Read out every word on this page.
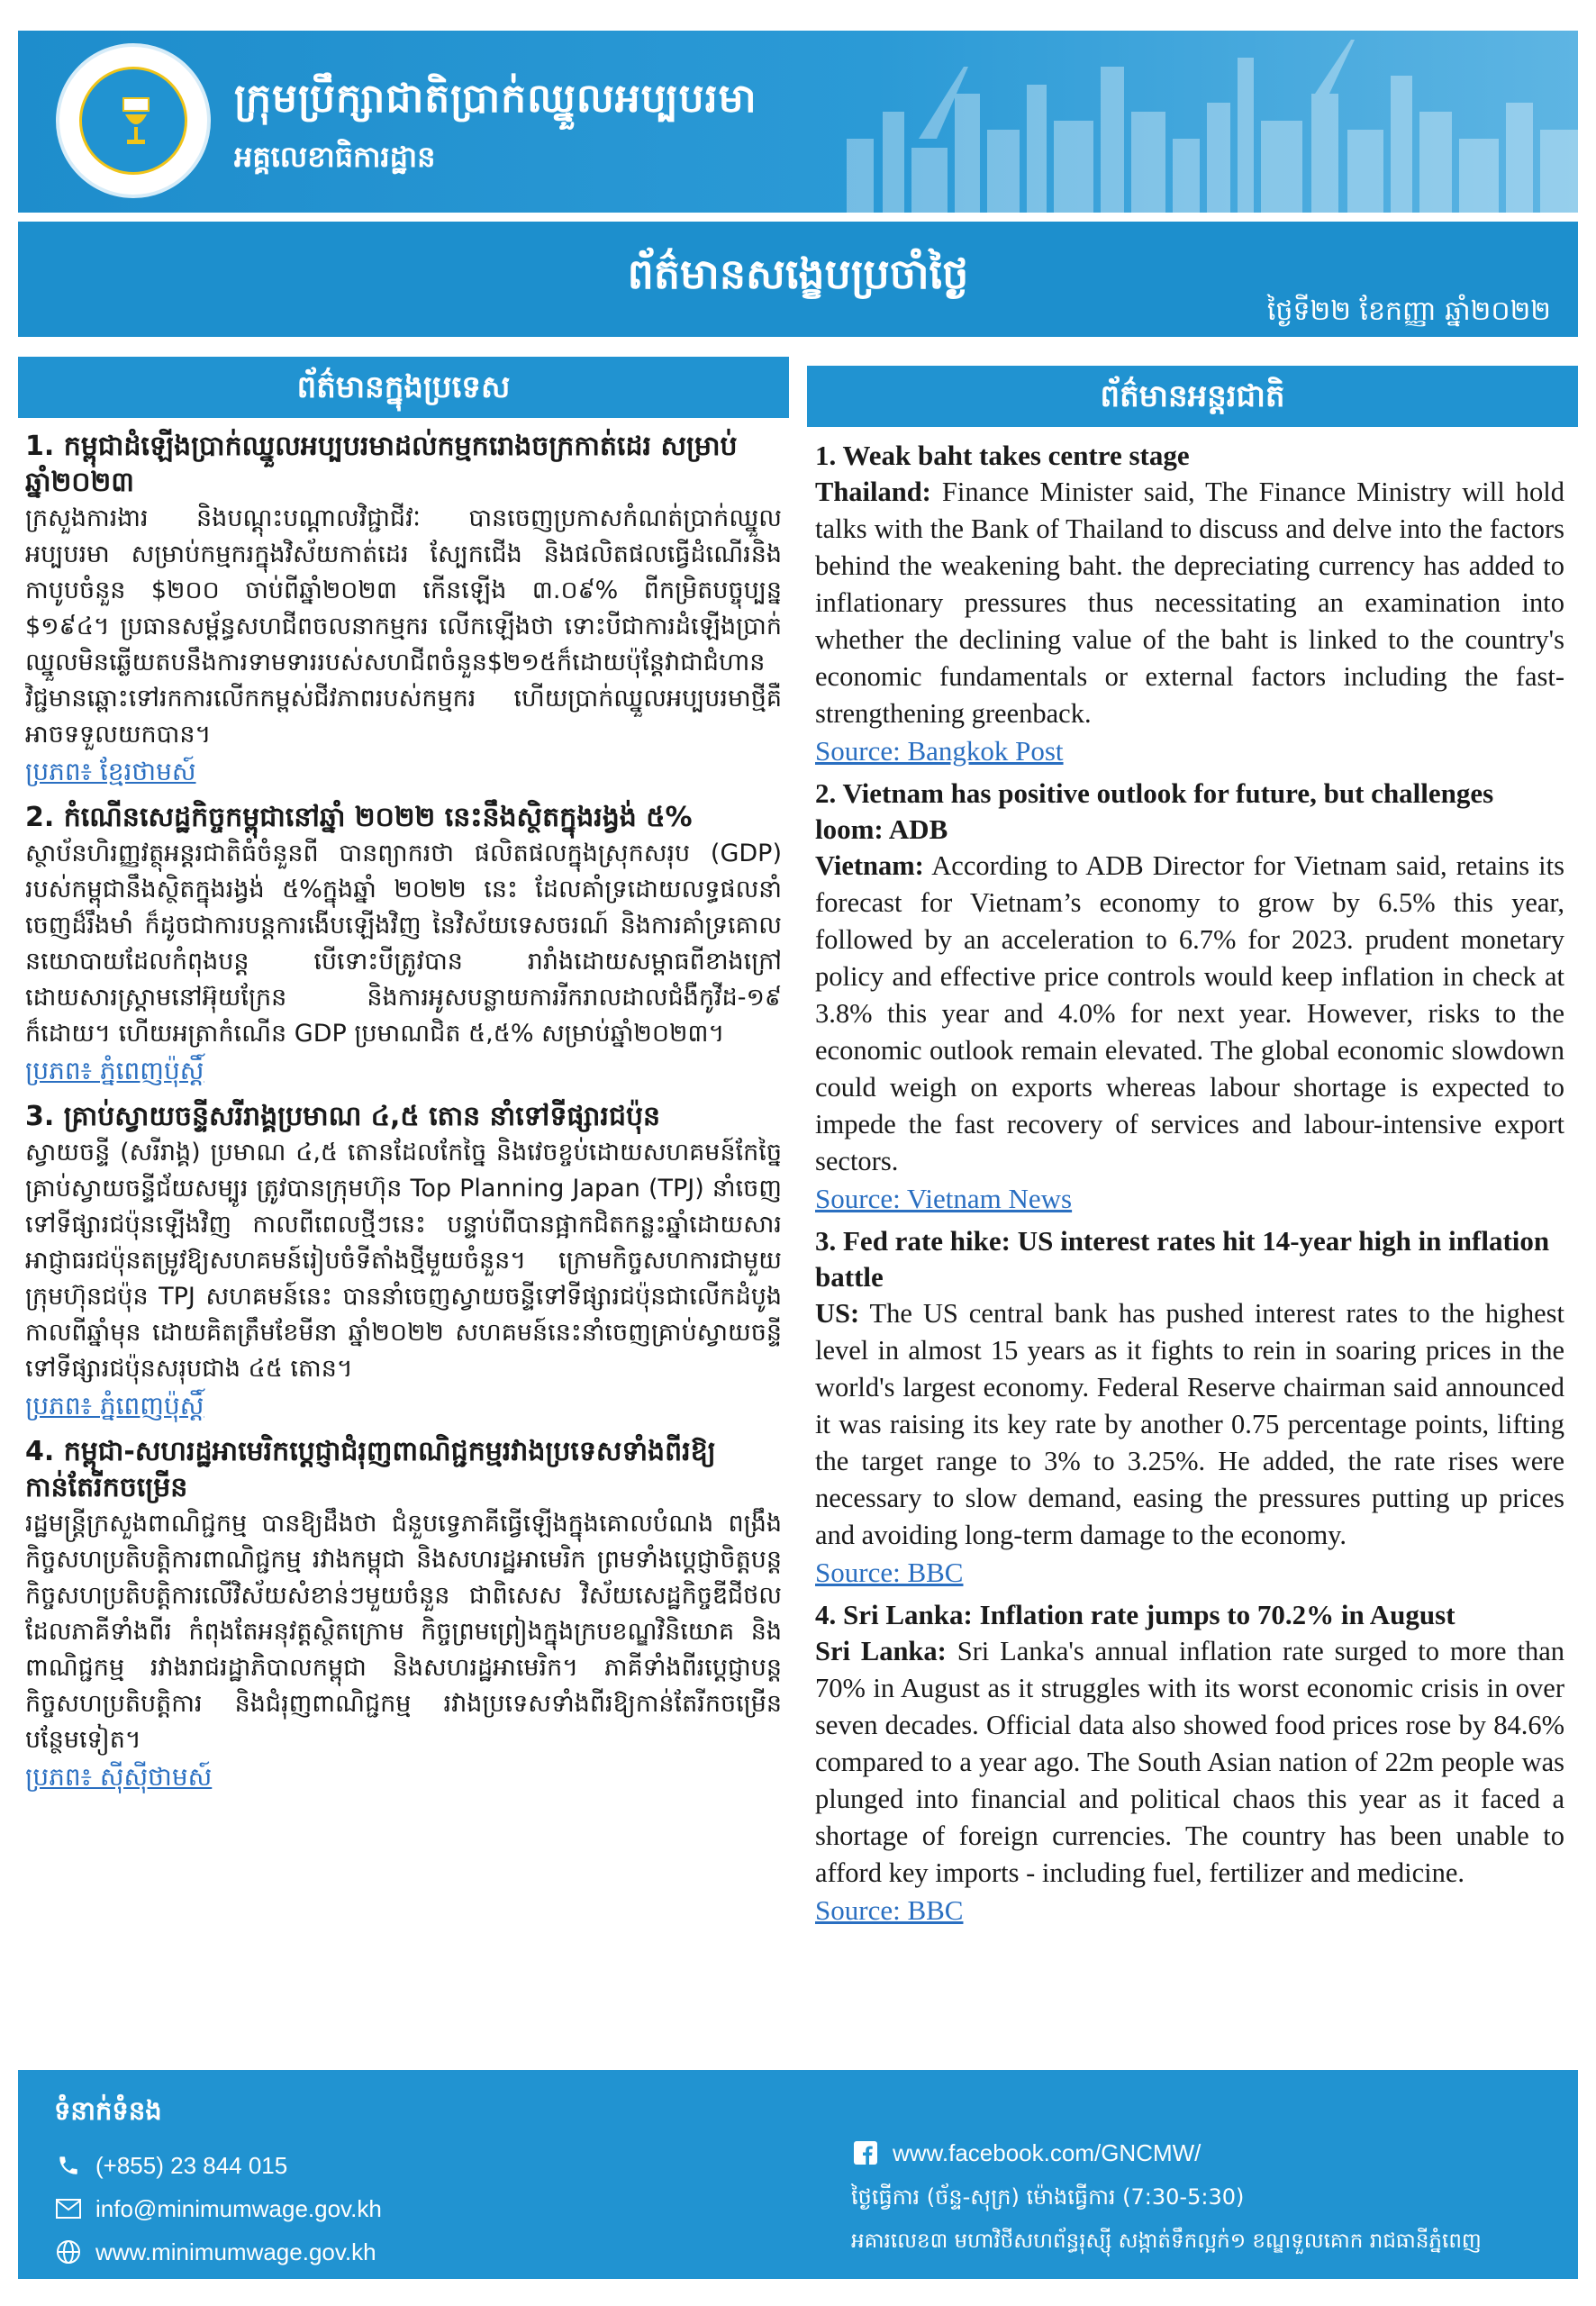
ក្រុមប្រឹក្សាជាតិប្រាក់ឈ្នួលអប្បបរមា
អគ្គលេខាធិការដ្ឋាន
ព័ត៌មានសង្ខេបប្រចាំថ្ងៃ
ថ្ងៃទី២២ ខែកញ្ញា ឆ្នាំ២០២២
ព័ត៌មានក្នុងប្រទេស	ព័ត៌មានអន្តរជាតិ
1. កម្ពុជាដំឡើងប្រាក់ឈ្នួលអប្បបរមាដល់កម្មករោងចក្រកាត់ដេរ សម្រាប់ឆ្នាំ២០២៣
ក្រសួងការងារ និងបណ្តុះបណ្តាលវិជ្ជាជីវៈ បានចេញប្រកាសកំណត់ប្រាក់ឈ្នួលអប្បបរមា សម្រាប់កម្មករក្នុងវិស័យកាត់ដេរ ស្បែកជើង និងផលិតផលធ្វើដំណើរនិងកាបូបចំនួន $២០០ ចាប់ពីឆ្នាំ២០២៣ កើនឡើង ៣.០៩% ពីកម្រិតបច្ចុប្បន្ន $១៩៤។ ប្រធានសម្ព័ន្ធសហជីពចលនាកម្មករ លើកឡើងថា ទោះបីជាការដំឡើងប្រាក់ឈ្នួលមិនឆ្លើយតបនឹងការទាមទាររបស់សហជីពចំនួន$២១៥ក៏ដោយប៉ុន្តែវាជាជំហានវិជ្ជមានឆ្ពោះទៅរកការលើកកម្ពស់ជីវភាពរបស់កម្មករ ហើយប្រាក់ឈ្នួលអប្បបរមាថ្មីគឺអាចទទួលយកបាន។
ប្រភព៖ ខ្មែរថាមស៍
2. កំណើនសេដ្ឋកិច្ចកម្ពុជានៅឆ្នាំ ២០២២ នេះនឹងស្ថិតក្នុងរង្វង់ ៥%
ស្ថាប័នហិរញ្ញវត្ថុអន្តរជាតិធំចំនួនពី បានព្យាករថា ផលិតផលក្នុងស្រុកសរុប (GDP) របស់កម្ពុជានឹងស្ថិតក្នុងរង្វង់ ៥%ក្នុងឆ្នាំ ២០២២ នេះ ដែលគាំទ្រដោយលទ្ធផលនាំចេញដ៏រឹងមាំ ក៏ដូចជាការបន្តការងើបឡើងវិញ នៃវិស័យទេសចរណ៍ និងការគាំទ្រគោលនយោបាយដែលកំពុងបន្ត បើទោះបីត្រូវបាន រារាំងដោយសម្ពាធពីខាងក្រៅ ដោយសារស្រ្តាមនៅអ៊ុយក្រែន និងការអូសបន្លាយការរីករាលដាលជំងឺកូវីដ-១៩ ក៏ដោយ។ ហើយអត្រាកំណើន GDP ប្រមាណជិត ៥,៥% សម្រាប់ឆ្នាំ២០២៣។
ប្រភព៖ ភ្នំពេញប៉ុស្តិ៍
3. គ្រាប់ស្វាយចន្ទីសរីរាង្គប្រមាណ ៤,៥ តោន នាំទៅទីផ្សារជប៉ុន
ស្វាយចន្ទី (សរីរាង្គ) ប្រមាណ ៤,៥ តោនដែលកែច្នៃ និងវេចខ្ចប់ដោយសហគមន៍កែច្នៃ គ្រាប់ស្វាយចន្ទីជ័យសម្បូរ ត្រូវបានក្រុមហ៊ុន Top Planning Japan (TPJ) នាំចេញទៅទីផ្សារជប៉ុនឡើងវិញ កាលពីពេលថ្មីៗនេះ បន្ទាប់ពីបានផ្អាកជិតកន្លះឆ្នាំដោយសារអាជ្ញាធរជប៉ុនតម្រូវឱ្យសហគមន៍រៀបចំទីតាំងថ្មីមួយចំនួន។ ក្រោមកិច្ចសហការជាមួយក្រុមហ៊ុនជប៉ុន TPJ សហគមន៍នេះ បាននាំចេញស្វាយចន្ទីទៅទីផ្សារជប៉ុនជាលើកដំបូងកាលពីឆ្នាំមុន ដោយគិតត្រឹមខែមីនា ឆ្នាំ២០២២ សហគមន៍នេះនាំចេញគ្រាប់ស្វាយចន្ទីទៅទីផ្សារជប៉ុនសរុបជាង ៤៥ តោន។
ប្រភព៖ ភ្នំពេញប៉ុស្តិ៍
4. កម្ពុជា-សហរដ្ឋអាមេរិកប្តេជ្ញាជំរុញពាណិជ្ជកម្មរវាងប្រទេសទាំងពីរឱ្យកាន់តែរីកចម្រើន
រដ្ឋមន្ត្រីក្រសួងពាណិជ្ជកម្ម បានឱ្យដឹងថា ជំនួបទ្វេភាគីធ្វើឡើងក្នុងគោលបំណង ពង្រឹងកិច្ចសហប្រតិបត្តិការពាណិជ្ជកម្ម រវាងកម្ពុជា និងសហរដ្ឋអាមេរិក ព្រមទាំងប្តេជ្ញាចិត្តបន្តកិច្ចសហប្រតិបត្តិការលើវិស័យសំខាន់ៗមួយចំនួន ជាពិសេស វិស័យសេដ្ឋកិច្ចឌីជីថល ដែលភាគីទាំងពីរ កំពុងតែអនុវត្តស្ថិតក្រោម កិច្ចព្រមព្រៀងក្នុងក្របខណ្ឌវិនិយោគ និងពាណិជ្ជកម្ម រវាងរាជរដ្ឋាភិបាលកម្ពុជា និងសហរដ្ឋអាមេរិក។ ភាគីទាំងពីរប្តេជ្ញាបន្តកិច្ចសហប្រតិបត្តិការ និងជំរុញពាណិជ្ជកម្ម រវាងប្រទេសទាំងពីរឱ្យកាន់តែរីកចម្រើនបន្ថែមទៀត។
ប្រភព៖ ស៊ីស៊ីថាមស៍
1. Weak baht takes centre stage
Thailand: Finance Minister said, The Finance Ministry will hold talks with the Bank of Thailand to discuss and delve into the factors behind the weakening baht. the depreciating currency has added to inflationary pressures thus necessitating an examination into whether the declining value of the baht is linked to the country's economic fundamentals or external factors including the fast-strengthening greenback.
Source: Bangkok Post
2. Vietnam has positive outlook for future, but challenges loom: ADB
Vietnam: According to ADB Director for Vietnam said, retains its forecast for Vietnam’s economy to grow by 6.5% this year, followed by an acceleration to 6.7% for 2023. prudent monetary policy and effective price controls would keep inflation in check at 3.8% this year and 4.0% for next year. However, risks to the economic outlook remain elevated. The global economic slowdown could weigh on exports whereas labour shortage is expected to impede the fast recovery of services and labour-intensive export sectors.
Source: Vietnam News
3. Fed rate hike: US interest rates hit 14-year high in inflation battle
US: The US central bank has pushed interest rates to the highest level in almost 15 years as it fights to rein in soaring prices in the world's largest economy. Federal Reserve chairman said announced it was raising its key rate by another 0.75 percentage points, lifting the target range to 3% to 3.25%. He added, the rate rises were necessary to slow demand, easing the pressures putting up prices and avoiding long-term damage to the economy.
Source: BBC
4. Sri Lanka: Inflation rate jumps to 70.2% in August
Sri Lanka: Sri Lanka's annual inflation rate surged to more than 70% in August as it struggles with its worst economic crisis in over seven decades. Official data also showed food prices rose by 84.6% compared to a year ago. The South Asian nation of 22m people was plunged into financial and political chaos this year as it faced a shortage of foreign currencies. The country has been unable to afford key imports - including fuel, fertilizer and medicine.
Source: BBC
ទំនាក់ទំនង
(+855) 23 844 015
info@minimumwage.gov.kh
www.minimumwage.gov.kh
www.facebook.com/GNCMW/
ថ្ងៃធ្វើការ (ច័ន្ទ-សុក្រ) ម៉ោងធ្វើការ (7:30-5:30)
អគារលេខ៣ មហាវិថីសហព័ន្ធរុស្ស៊ី សង្កាត់ទឹកល្អក់១ ខណ្ឌទួលគោក រាជធានីភ្នំពេញ
